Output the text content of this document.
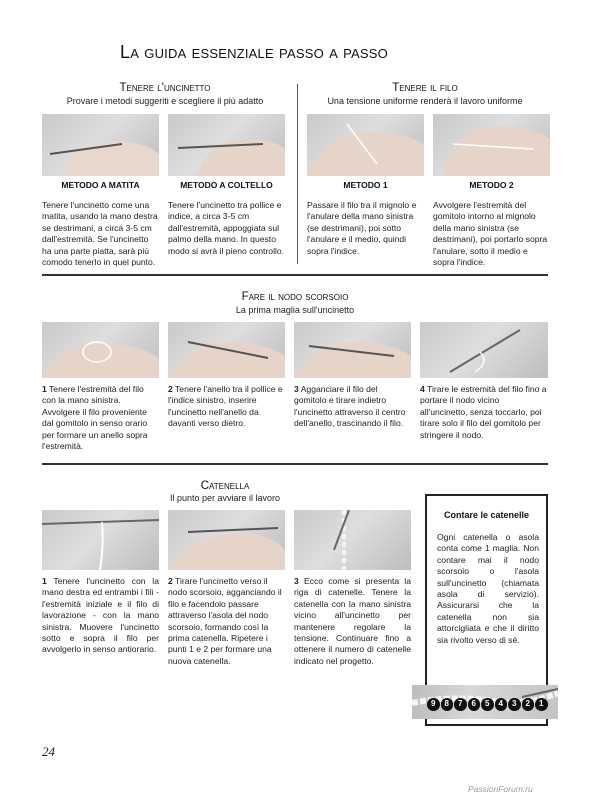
La guida essenziale passo a passo
Tenere l'uncinetto
Provare i metodi suggeriti e scegliere il più adatto
Tenere il filo
Una tensione uniforme renderà il lavoro uniforme
METODO A MATITA	METODO A COLTELLO	METODO 1	METODO 2
Tenere l'uncinetto come una matita, usando la mano destra se destrimani, a circa 3-5 cm dall'estremità. Se l'uncinetto ha una parte piatta, sarà più comodo tenerlo in quel punto.
Tenere l'uncinetto tra pollice e indice, a circa 3-5 cm dall'estremità, appoggiata sul palmo della mano. In questo modo si avrà il pieno controllo.
Passare il filo tra il mignolo e l'anulare della mano sinistra (se destrimani), poi sotto l'anulare e il medio, quindi sopra l'indice.
Avvolgere l'estremità del gomitolo intorno al mignolo della mano sinistra (se destrimani), poi portarlo sopra l'anulare, sotto il medio e sopra l'indice.
Fare il nodo scorsoio
La prima maglia sull'uncinetto
1 Tenere l'estremità del filo con la mano sinistra. Avvolgere il filo proveniente dal gomitolo in senso orario per formare un anello sopra l'estremità.
2 Tenere l'anello tra il pollice e l'indice sinistro, inserire l'uncinetto nell'anello da davanti verso dietro.
3 Agganciare il filo del gomitolo e tirare indietro l'uncinetto attraverso il centro dell'anello, trascinando il filo.
4 Tirare le estremità del filo fino a portare il nodo vicino all'uncinetto, senza toccarlo, poi tirare solo il filo del gomitolo per stringere il nodo.
Catenella
Il punto per avviare il lavoro
1 Tenere l'uncinetto con la mano destra ed entrambi i fili - l'estremità iniziale e il filo di lavorazione - con la mano sinistra. Muovere l'uncinetto sotto e sopra il filo per avvolgerlo in senso antiorario.
2 Tirare l'uncinetto verso il nodo scorsoio, agganciando il filo e facendolo passare attraverso l'asola del nodo scorsoio, formando così la prima catenella. Ripetere i punti 1 e 2 per formare una nuova catenella.
3 Ecco come si presenta la riga di catenelle. Tenere la catenella con la mano sinistra vicino all'uncinetto per mantenere regolare la tensione. Continuare fino a ottenere il numero di catenelle indicato nel progetto.
Contare le catenelle
Ogni catenella o asola conta come 1 maglia. Non contare mai il nodo scorsoio o l'asola sull'uncinetto (chiamata asola di servizio). Assicurarsi che la catenella non sia attorcigliata e che il diritto sia rivolto verso di sé.
9	8	7	6	5	4	3	2	1
24
PassionForum.ru
